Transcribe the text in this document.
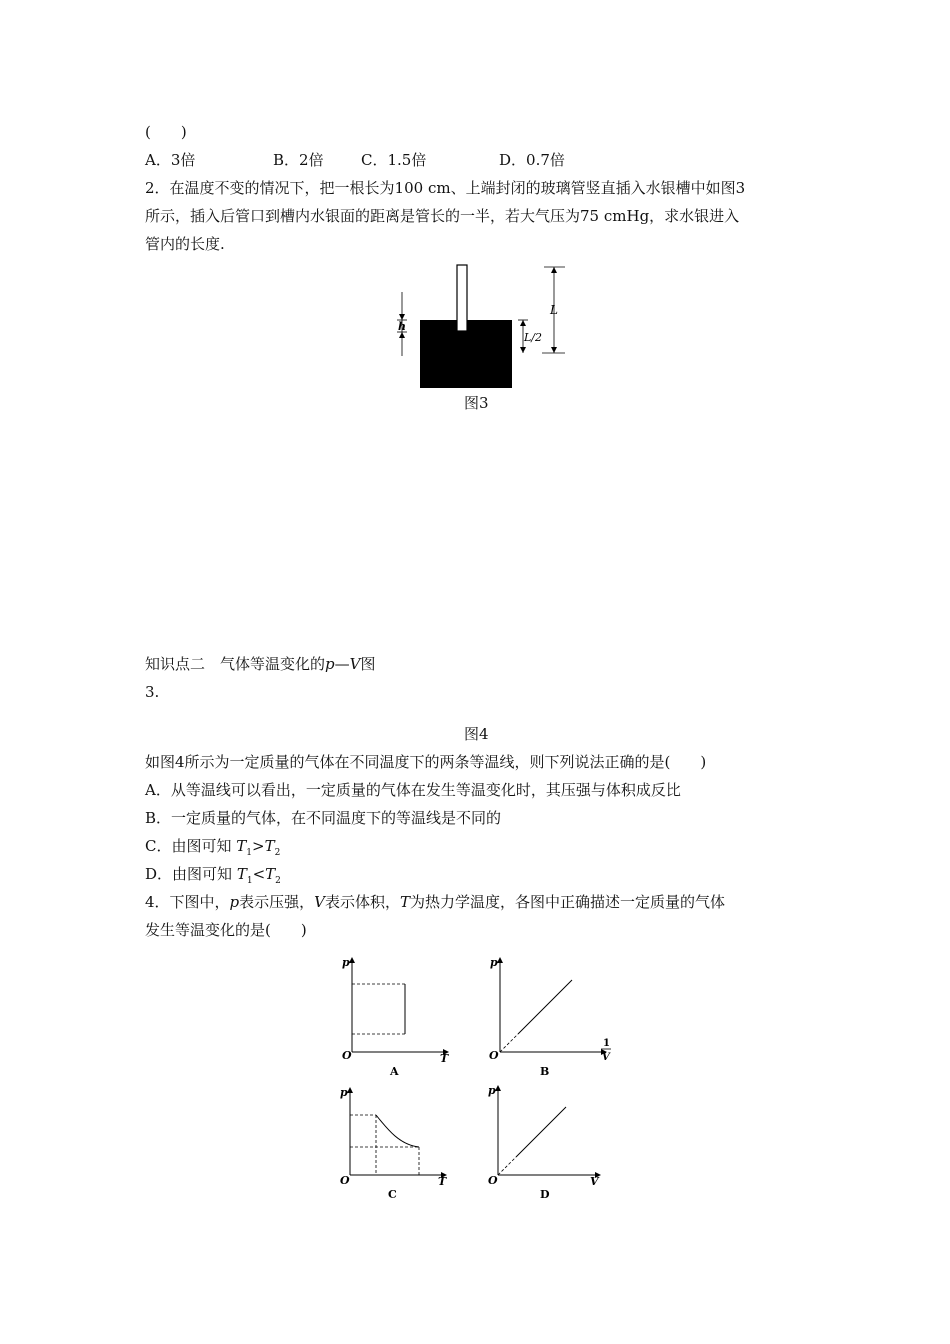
(　　)
A．3倍	B．2倍 C．1.5倍	D．0.7倍
2．在温度不变的情况下，把一根长为100 cm、上端封闭的玻璃管竖直插入水银槽中如图3
所示，插入后管口到槽内水银面的距离是管长的一半，若大气压为75 cmHg，求水银进入
管内的长度.
h
L
L/2
图3
知识点二　气体等温变化的p—V图
3.
图4
如图4所示为一定质量的气体在不同温度下的两条等温线，则下列说法正确的是(　　)
A．从等温线可以看出，一定质量的气体在发生等温变化时，其压强与体积成反比
B．一定质量的气体，在不同温度下的等温线是不同的
C．由图可知 $T_1>T_2$
D．由图可知 $T_1<T_2$
4．下图中，p表示压强，V表示体积，T为热力学温度，各图中正确描述一定质量的气体
发生等温变化的是(　　)
p
O	T
A
p
O
1
V
B
p
O	T
C
p
O	V
D
